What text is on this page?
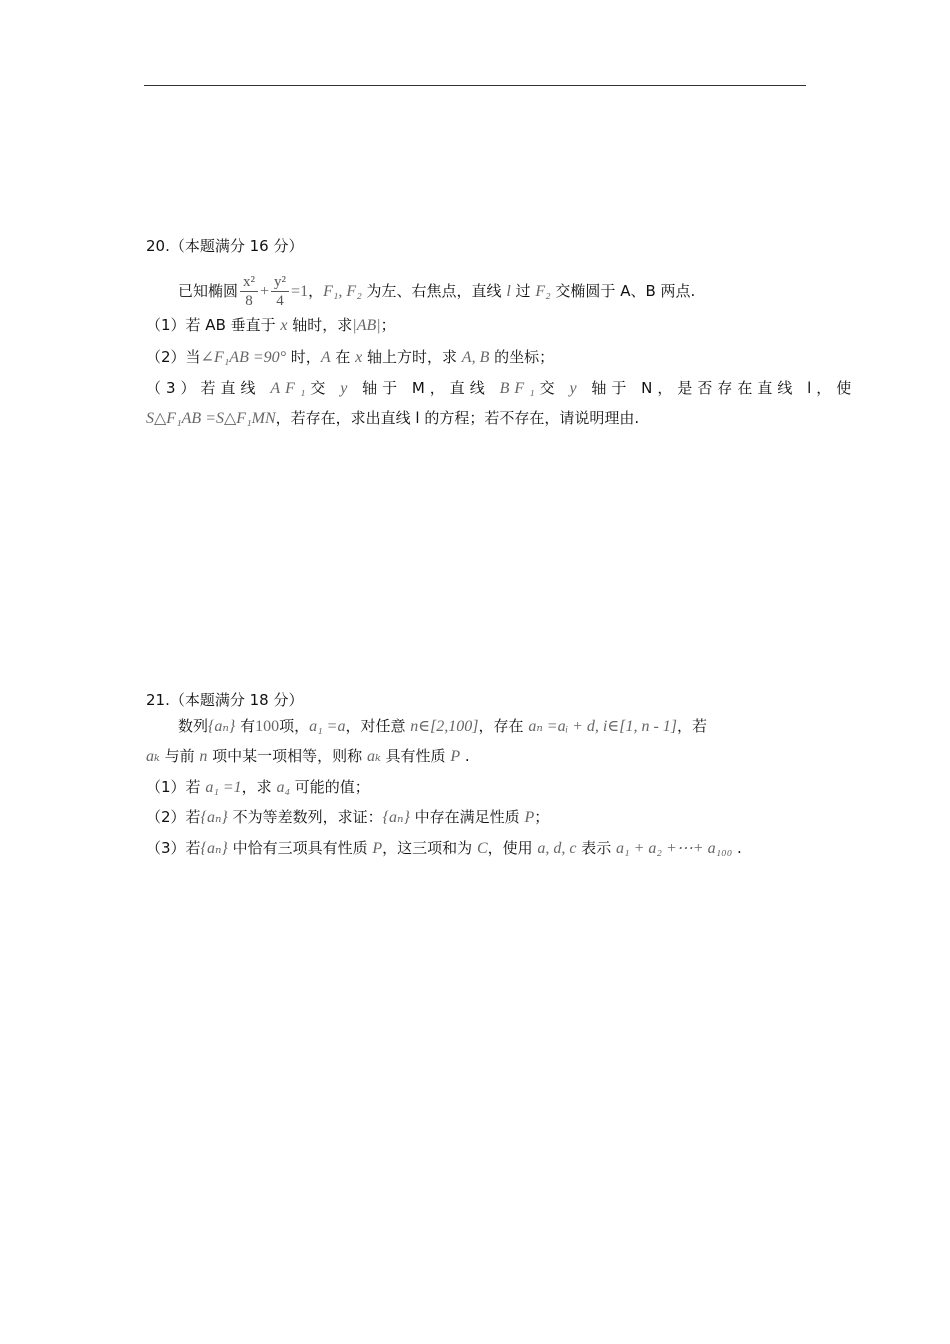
20.（本题满分 16 分）
已知椭圆 $\frac{\text{x²}}{8} + \frac{\text{y²}}{4} =1$，F₁, F₂ 为左、右焦点，直线 l 过 F₂ 交椭圆于 A、B 两点.
（1）若 AB 垂直于 x 轴时，求|AB|；
（2）当∠F₁AB =90° 时，A 在 x 轴上方时，求 A, B 的坐标；
（3）若直线 AF₁交 y 轴于 M，直线 BF₁交 y 轴于 N，是否存在直线 l，使
S△F₁AB =S△F₁MN，若存在，求出直线 l 的方程；若不存在，请说明理由.
21.（本题满分 18 分）
数列{aₙ} 有100项，a₁ =a，对任意 n∈[2,100]，存在 aₙ =aᵢ + d, i∈[1, n - 1]，若
aₖ 与前 n 项中某一项相等，则称 aₖ 具有性质 P .
（1）若 a₁ =1，求 a₄ 可能的值；
（2）若{aₙ} 不为等差数列，求证：{aₙ} 中存在满足性质 P；
（3）若{aₙ} 中恰有三项具有性质 P，这三项和为 C，使用 a, d, c 表示 a₁ + a₂ +⋯+ a₁₀₀ .
